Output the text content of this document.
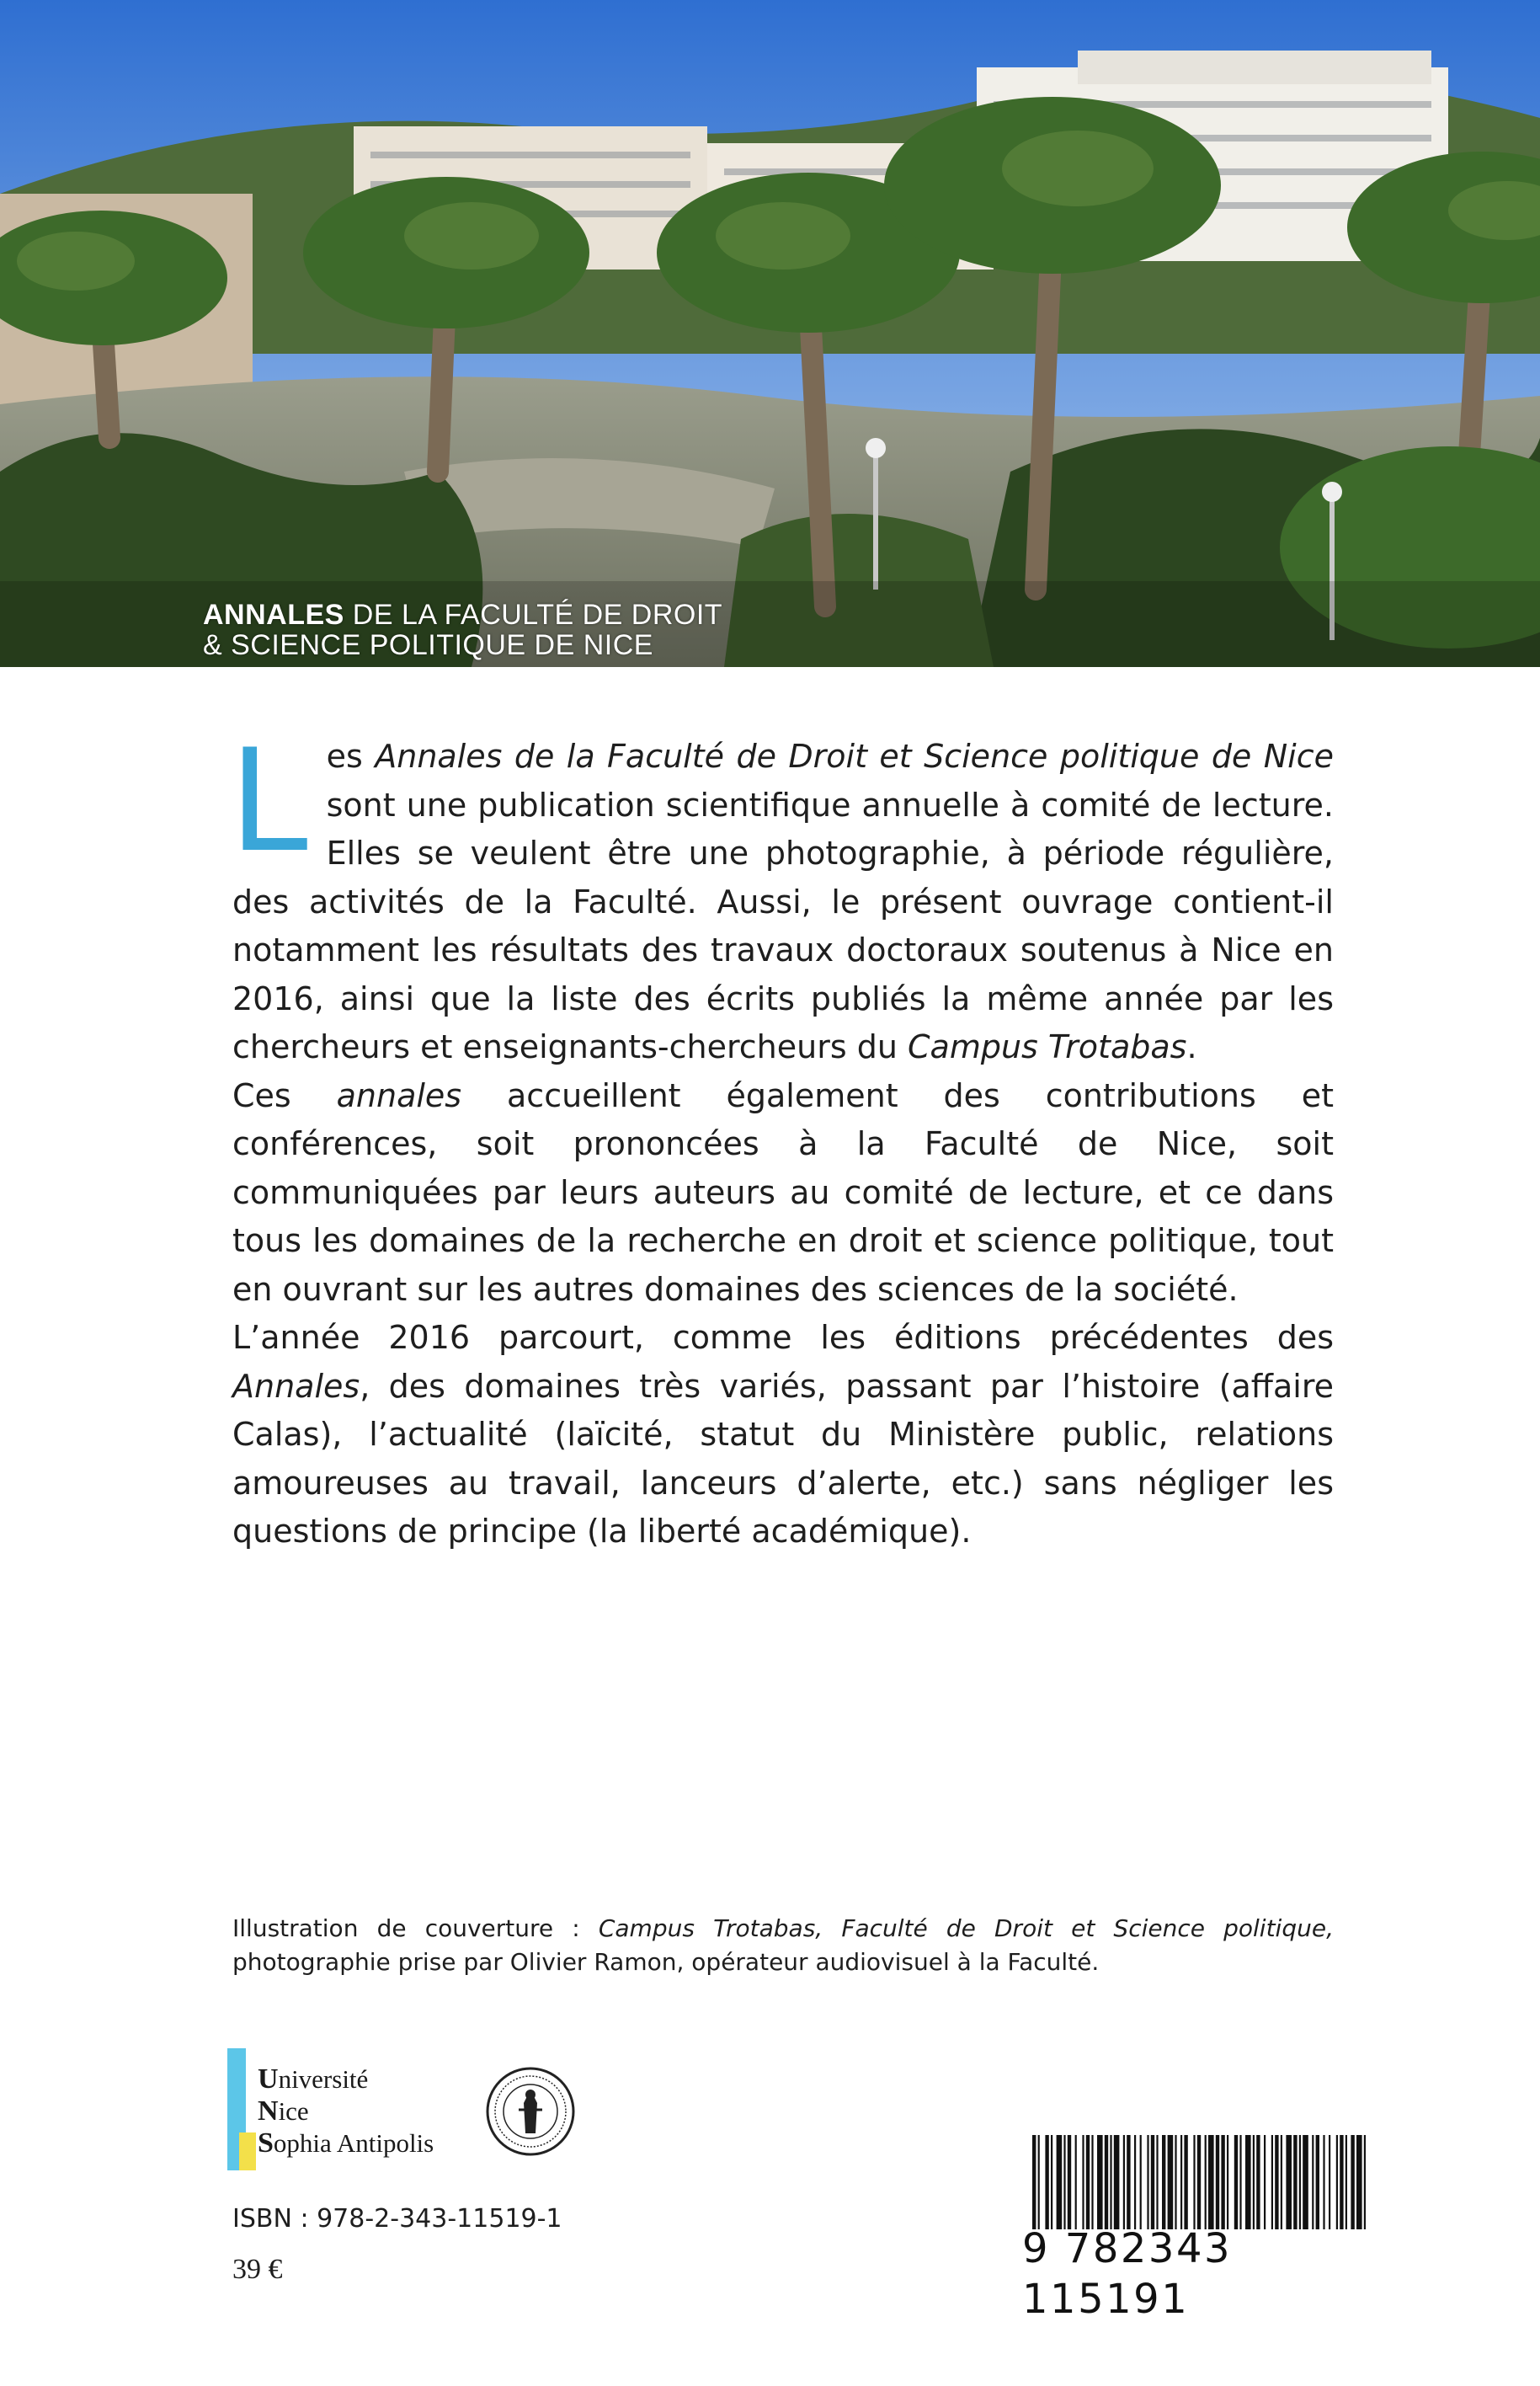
ANNALES DE LA FACULTÉ DE DROIT
& SCIENCE POLITIQUE DE NICE

Les Annales de la Faculté de Droit et Science politique de Nice sont une publication scientifique annuelle à comité de lecture. Elles se veulent être une photographie, à période régulière, des activités de la Faculté. Aussi, le présent ouvrage contient-il notamment les résultats des travaux doctoraux soutenus à Nice en 2016, ainsi que la liste des écrits publiés la même année par les chercheurs et enseignants-chercheurs du Campus Trotabas.

Ces annales accueillent également des contributions et conférences, soit prononcées à la Faculté de Nice, soit communiquées par leurs auteurs au comité de lecture, et ce dans tous les domaines de la recherche en droit et science politique, tout en ouvrant sur les autres domaines des sciences de la société.

L’année 2016 parcourt, comme les éditions précédentes des Annales, des domaines très variés, passant par l’histoire (affaire Calas), l’actualité (laïcité, statut du Ministère public, relations amoureuses au travail, lanceurs d’alerte, etc.) sans négliger les questions de principe (la liberté académique).

Illustration de couverture : Campus Trotabas, Faculté de Droit et Science politique, photographie prise par Olivier Ramon, opérateur audiovisuel à la Faculté.
Université
Nice
Sophia Antipolis
ISBN : 978-2-343-11519-1
39 €	9 782343 115191
